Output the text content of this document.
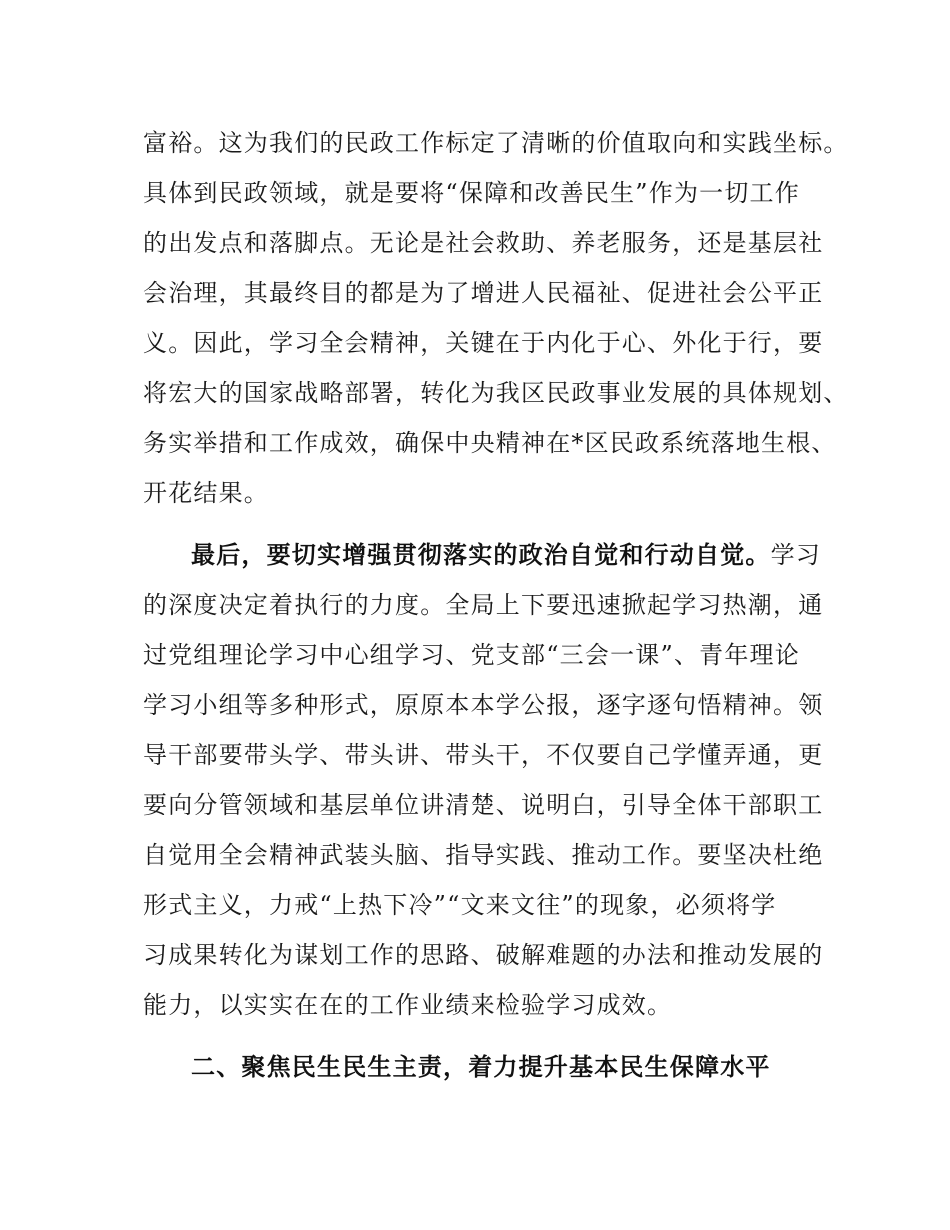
富裕。这为我们的民政工作标定了清晰的价值取向和实践坐标。
具体到民政领域，就是要将“保障和改善民生”作为一切工作
的出发点和落脚点。无论是社会救助、养老服务，还是基层社
会治理，其最终目的都是为了增进人民福祉、促进社会公平正
义。因此，学习全会精神，关键在于内化于心、外化于行，要
将宏大的国家战略部署，转化为我区民政事业发展的具体规划、
务实举措和工作成效，确保中央精神在*区民政系统落地生根、
开花结果。
最后，要切实增强贯彻落实的政治自觉和行动自觉。学习
的深度决定着执行的力度。全局上下要迅速掀起学习热潮，通
过党组理论学习中心组学习、党支部“三会一课”、青年理论
学习小组等多种形式，原原本本学公报，逐字逐句悟精神。领
导干部要带头学、带头讲、带头干，不仅要自己学懂弄通，更
要向分管领域和基层单位讲清楚、说明白，引导全体干部职工
自觉用全会精神武装头脑、指导实践、推动工作。要坚决杜绝
形式主义，力戒“上热下冷”“文来文往”的现象，必须将学
习成果转化为谋划工作的思路、破解难题的办法和推动发展的
能力，以实实在在的工作业绩来检验学习成效。
二、聚焦民生民生主责，着力提升基本民生保障水平
